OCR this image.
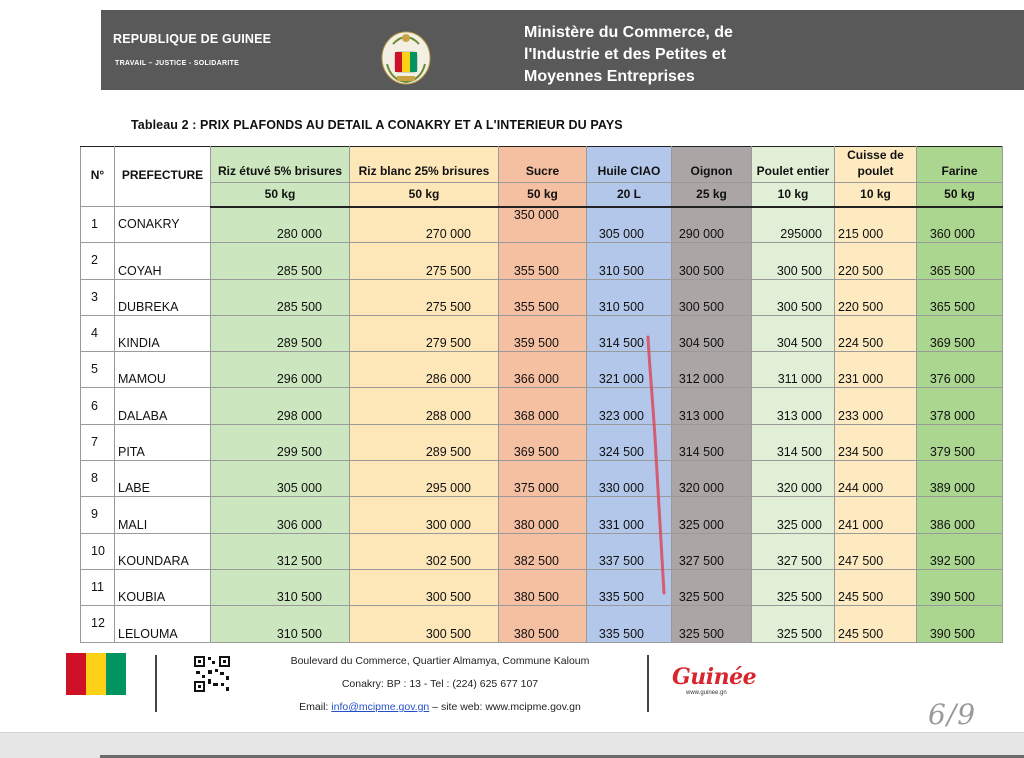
REPUBLIQUE DE GUINEE
TRAVAIL – JUSTICE - SOLIDARITE
Ministère du Commerce, de
l'Industrie et des Petites et
Moyennes Entreprises
Tableau 2 : PRIX PLAFONDS AU DETAIL A CONAKRY ET A L'INTERIEUR DU PAYS
N°	PREFECTURE	Riz étuvé 5% brisures	Riz blanc 25% brisures	Sucre	Huile CIAO	Oignon	Poulet entier	Cuisse de poulet	Farine
		50 kg	50 kg	50 kg	20 L	25 kg	10 kg	10 kg	50 kg
1	CONAKRY	280 000	270 000	350 000	305 000	290 000	295000	215 000	360 000
2	COYAH	285 500	275 500	355 500	310 500	300 500	300 500	220 500	365 500
3	DUBREKA	285 500	275 500	355 500	310 500	300 500	300 500	220 500	365 500
4	KINDIA	289 500	279 500	359 500	314 500	304 500	304 500	224 500	369 500
5	MAMOU	296 000	286 000	366 000	321 000	312 000	311 000	231 000	376 000
6	DALABA	298 000	288 000	368 000	323 000	313 000	313 000	233 000	378 000
7	PITA	299 500	289 500	369 500	324 500	314 500	314 500	234 500	379 500
8	LABE	305 000	295 000	375 000	330 000	320 000	320 000	244 000	389 000
9	MALI	306 000	300 000	380 000	331 000	325 000	325 000	241 000	386 000
10	KOUNDARA	312 500	302 500	382 500	337 500	327 500	327 500	247 500	392 500
11	KOUBIA	310 500	300 500	380 500	335 500	325 500	325 500	245 500	390 500
12	LELOUMA	310 500	300 500	380 500	335 500	325 500	325 500	245 500	390 500
Boulevard du Commerce, Quartier Almamya, Commune Kaloum
Conakry: BP : 13 - Tel : (224) 625 677 107
Email: info@mcipme.gov.gn – site web: www.mcipme.gov.gn
Guinée
www.guinee.gn
6/9
